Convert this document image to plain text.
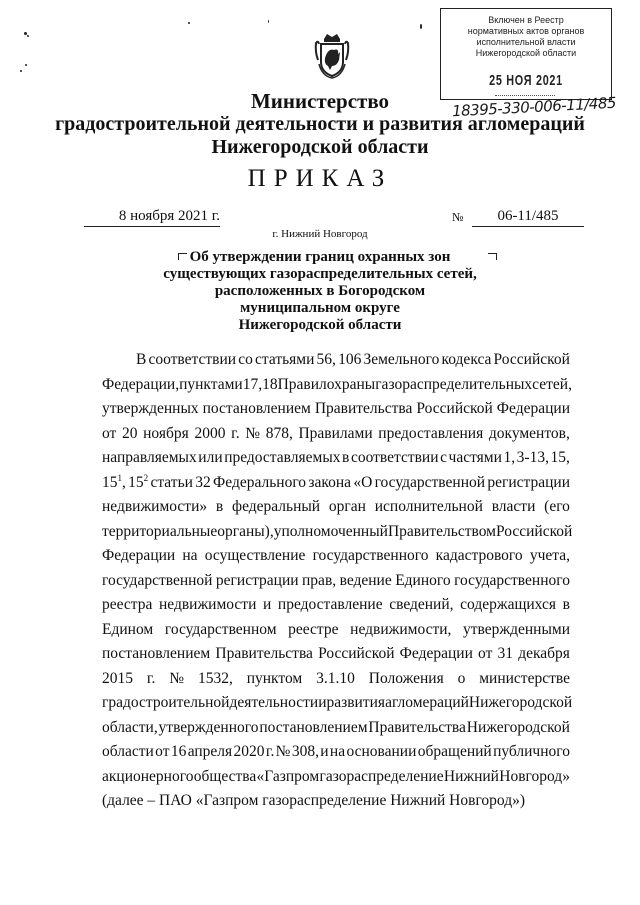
Включен в Реестр
нормативных актов органов
исполнительной власти
Нижегородской области
25 НОЯ 2021
18395-330-006-11/485
Министерство
градостроительной деятельности и развития агломераций
Нижегородской области
ПРИКАЗ
8 ноября 2021 г.	№	06-11/485
г. Нижний Новгород
Об утверждении границ охранных зон
существующих газораспределительных сетей,
расположенных в Богородском
муниципальном округе
Нижегородской области
В соответствии со статьями 56, 106 Земельного кодекса Российской
Федерации, пунктами 17, 18 Правил охраны газораспределительных сетей,
утвержденных постановлением Правительства Российской Федерации
от 20 ноября 2000 г. № 878, Правилами предоставления документов,
направляемых или предоставляемых в соответствии с частями 1, 3-13, 15,
$15^1$, $15^2$ статьи 32 Федерального закона «О государственной регистрации
недвижимости» в федеральный орган исполнительной власти (его
территориальные органы), уполномоченный Правительством Российской
Федерации на осуществление государственного кадастрового учета,
государственной регистрации прав, ведение Единого государственного
реестра недвижимости и предоставление сведений, содержащихся в
Едином государственном реестре недвижимости, утвержденными
постановлением Правительства Российской Федерации от 31 декабря
2015 г. № 1532, пунктом 3.1.10 Положения о министерстве
градостроительной деятельности и развития агломераций Нижегородской
области, утвержденного постановлением Правительства Нижегородской
области от 16 апреля 2020 г. № 308, и на основании обращений публичного
акционерного общества «Газпром газораспределение Нижний Новгород»
(далее – ПАО «Газпром газораспределение Нижний Новгород»)
